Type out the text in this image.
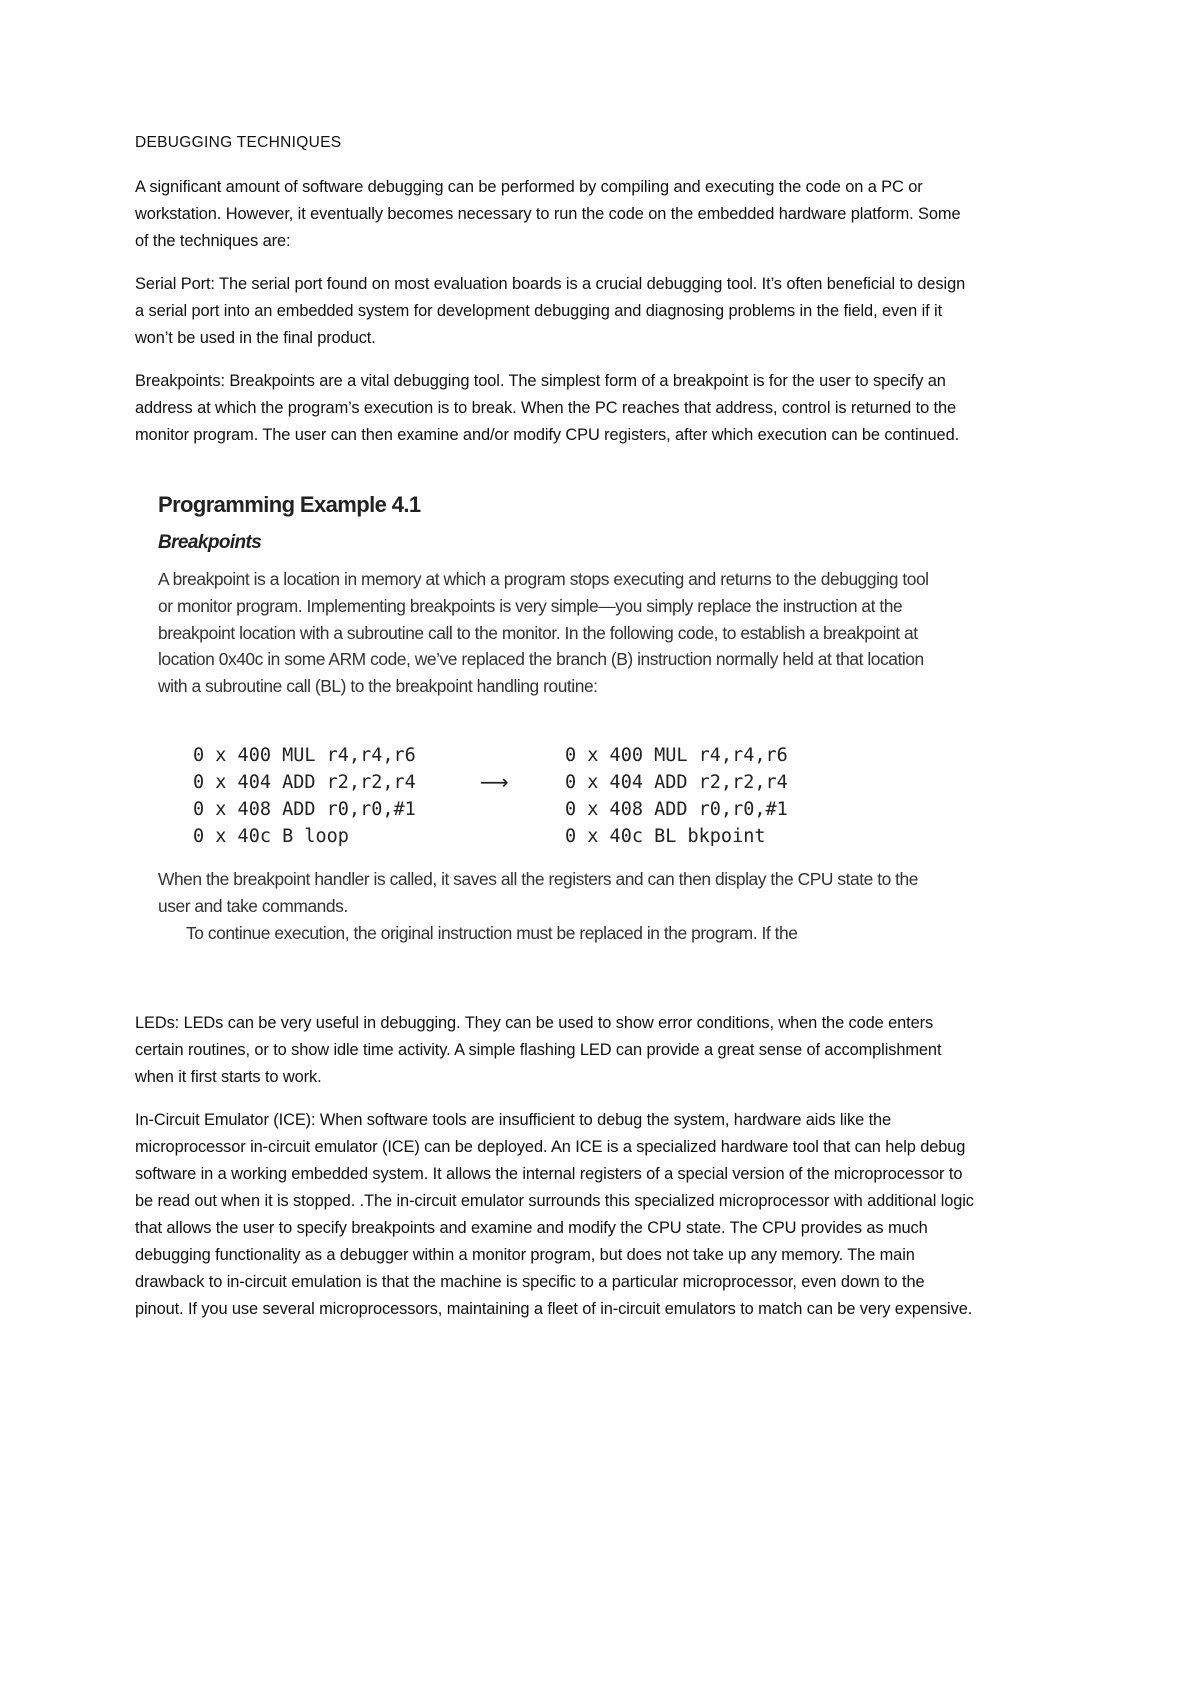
DEBUGGING TECHNIQUES

A significant amount of software debugging can be performed by compiling and executing the code on a PC or workstation. However, it eventually becomes necessary to run the code on the embedded hardware platform. Some of the techniques are:

Serial Port: The serial port found on most evaluation boards is a crucial debugging tool. It’s often beneficial to design a serial port into an embedded system for development debugging and diagnosing problems in the field, even if it won’t be used in the final product.

Breakpoints: Breakpoints are a vital debugging tool. The simplest form of a breakpoint is for the user to specify an address at which the program’s execution is to break. When the PC reaches that address, control is returned to the monitor program. The user can then examine and/or modify CPU registers, after which execution can be continued.

Programming Example 4.1
Breakpoints

A breakpoint is a location in memory at which a program stops executing and returns to the debugging tool or monitor program. Implementing breakpoints is very simple—you simply replace the instruction at the breakpoint location with a subroutine call to the monitor. In the following code, to establish a breakpoint at location 0x40c in some ARM code, we’ve replaced the branch (B) instruction normally held at that location with a subroutine call (BL) to the breakpoint handling routine:

0 x 400 MUL r4,r4,r6
0 x 404 ADD r2,r2,r4
0 x 408 ADD r0,r0,#1
0 x 40c B loop
⟶
0 x 400 MUL r4,r4,r6
0 x 404 ADD r2,r2,r4
0 x 408 ADD r0,r0,#1
0 x 40c BL bkpoint

When the breakpoint handler is called, it saves all the registers and can then display the CPU state to the user and take commands.

To continue execution, the original instruction must be replaced in the program. If the

LEDs: LEDs can be very useful in debugging. They can be used to show error conditions, when the code enters certain routines, or to show idle time activity. A simple flashing LED can provide a great sense of accomplishment when it first starts to work.

In-Circuit Emulator (ICE): When software tools are insufficient to debug the system, hardware aids like the microprocessor in-circuit emulator (ICE) can be deployed. An ICE is a specialized hardware tool that can help debug software in a working embedded system. It allows the internal registers of a special version of the microprocessor to be read out when it is stopped. .The in-circuit emulator surrounds this specialized microprocessor with additional logic that allows the user to specify breakpoints and examine and modify the CPU state. The CPU provides as much debugging functionality as a debugger within a monitor program, but does not take up any memory. The main drawback to in-circuit emulation is that the machine is specific to a particular microprocessor, even down to the pinout. If you use several microprocessors, maintaining a fleet of in-circuit emulators to match can be very expensive.
